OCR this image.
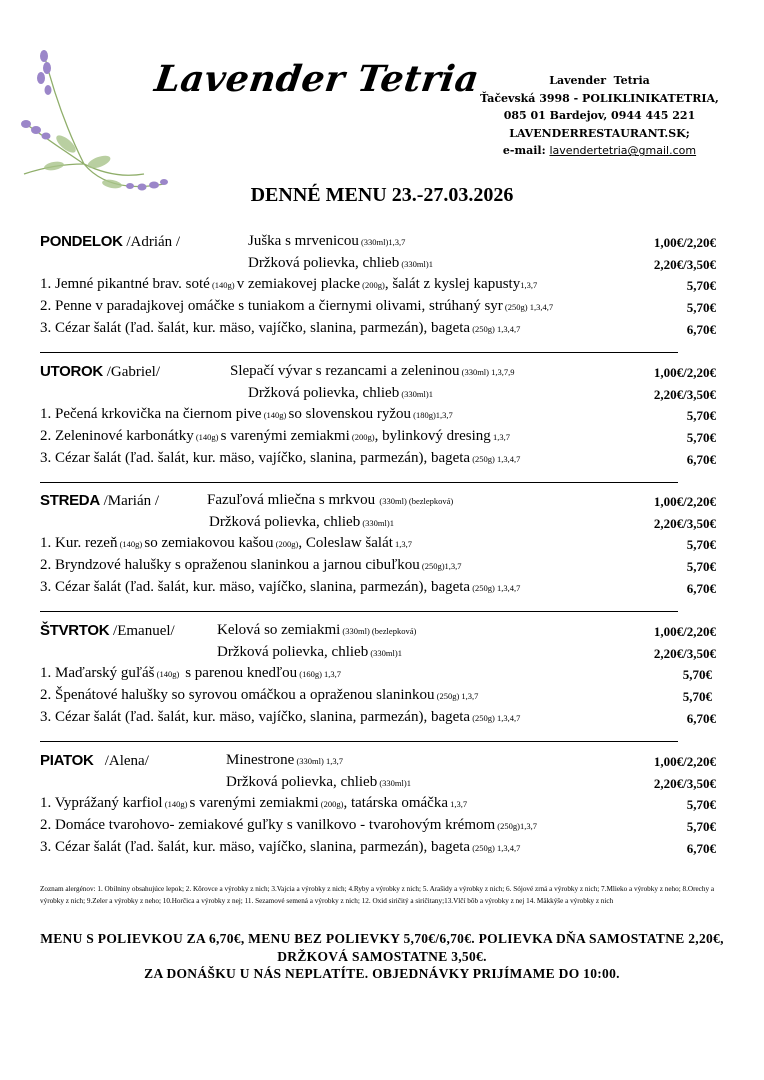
Lavender Tetria	Lavender  Tetria
Ťačevská 3998 - POLIKLINIKATETRIA,
085 01 Bardejov, 0944 445 221
LAVENDERRESTAURANT.SK;
e-mail: lavendertetria@gmail.com
DENNÉ MENU 23.-27.03.2026
PONDELOK /Adrián /	Juška s mrvenicou (330ml)1,3,7	1,00€/2,20€
Držková polievka, chlieb (330ml)1	2,20€/3,50€
1. Jemné pikantné brav. soté (140g) v zemiakovej placke (200g), šalát z kyslej kapusty1,3,7	5,70€
2. Penne v paradajkovej omáčke s tuniakom a čiernymi olivami, strúhaný syr (250g) 1,3,4,7	5,70€
3. Cézar šalát (ľad. šalát, kur. mäso, vajíčko, slanina, parmezán), bageta (250g) 1,3,4,7	6,70€
UTOROK /Gabriel/	Slepačí vývar s rezancami a zeleninou (330ml) 1,3,7,9	1,00€/2,20€
Držková polievka, chlieb (330ml)1	2,20€/3,50€
1. Pečená krkovička na čiernom pive (140g) so slovenskou ryžou (180g)1,3,7	5,70€
2. Zeleninové karbonátky (140g) s varenými zemiakmi (200g), bylinkový dresing 1,3,7	5,70€
3. Cézar šalát (ľad. šalát, kur. mäso, vajíčko, slanina, parmezán), bageta (250g) 1,3,4,7	6,70€
STREDA /Marián /	Fazuľová mliečna s mrkvou  (330ml) (bezlepková)	1,00€/2,20€
Držková polievka, chlieb (330ml)1	2,20€/3,50€
1. Kur. rezeň (140g) so zemiakovou kašou (200g), Coleslaw šalát 1,3,7	5,70€
2. Bryndzové halušky s opraženou slaninkou a jarnou cibuľkou (250g)1,3,7	5,70€
3. Cézar šalát (ľad. šalát, kur. mäso, vajíčko, slanina, parmezán), bageta (250g) 1,3,4,7	6,70€
ŠTVRTOK /Emanuel/	Kelová so zemiakmi (330ml) (bezlepková)	1,00€/2,20€
Držková polievka, chlieb (330ml)1	2,20€/3,50€
1. Maďarský guľáš (140g)  s parenou knedľou (160g) 1,3,7	5,70€
2. Špenátové halušky so syrovou omáčkou a opraženou slaninkou (250g) 1,3,7	5,70€
3. Cézar šalát (ľad. šalát, kur. mäso, vajíčko, slanina, parmezán), bageta (250g) 1,3,4,7	6,70€
PIATOK   /Alena/	Minestrone (330ml) 1,3,7	1,00€/2,20€
Držková polievka, chlieb (330ml)1	2,20€/3,50€
1. Vyprážaný karfiol (140g) s varenými zemiakmi (200g), tatárska omáčka 1,3,7	5,70€
2. Domáce tvarohovo- zemiakové guľky s vanilkovo - tvarohovým krémom (250g)1,3,7	5,70€
3. Cézar šalát (ľad. šalát, kur. mäso, vajíčko, slanina, parmezán), bageta (250g) 1,3,4,7	6,70€
Zoznam alergénov: 1. Obilniny obsahujúce lepok; 2. Kôrovce a výrobky z nich; 3.Vajcia a výrobky z nich; 4.Ryby a výrobky z nich; 5. Arašidy a výrobky z nich; 6. Sójové zrná a výrobky z nich; 7.Mlieko a výrobky z neho; 8.Orechy a výrobky z nich; 9.Zeler a výrobky z neho; 10.Horčica a výrobky z nej; 11. Sezamové semená a výrobky z nich; 12. Oxid siričitý a siričitany;13.Vlčí bôb a výrobky z nej 14. Mäkkýše a výrobky z nich
MENU S POLIEVKOU ZA 6,70€, MENU BEZ POLIEVKY 5,70€/6,70€. POLIEVKA DŇA SAMOSTATNE 2,20€, DRŽKOVÁ SAMOSTATNE 3,50€.
ZA DONÁŠKU U NÁS NEPLATÍTE. OBJEDNÁVKY PRIJÍMAME DO 10:00.
